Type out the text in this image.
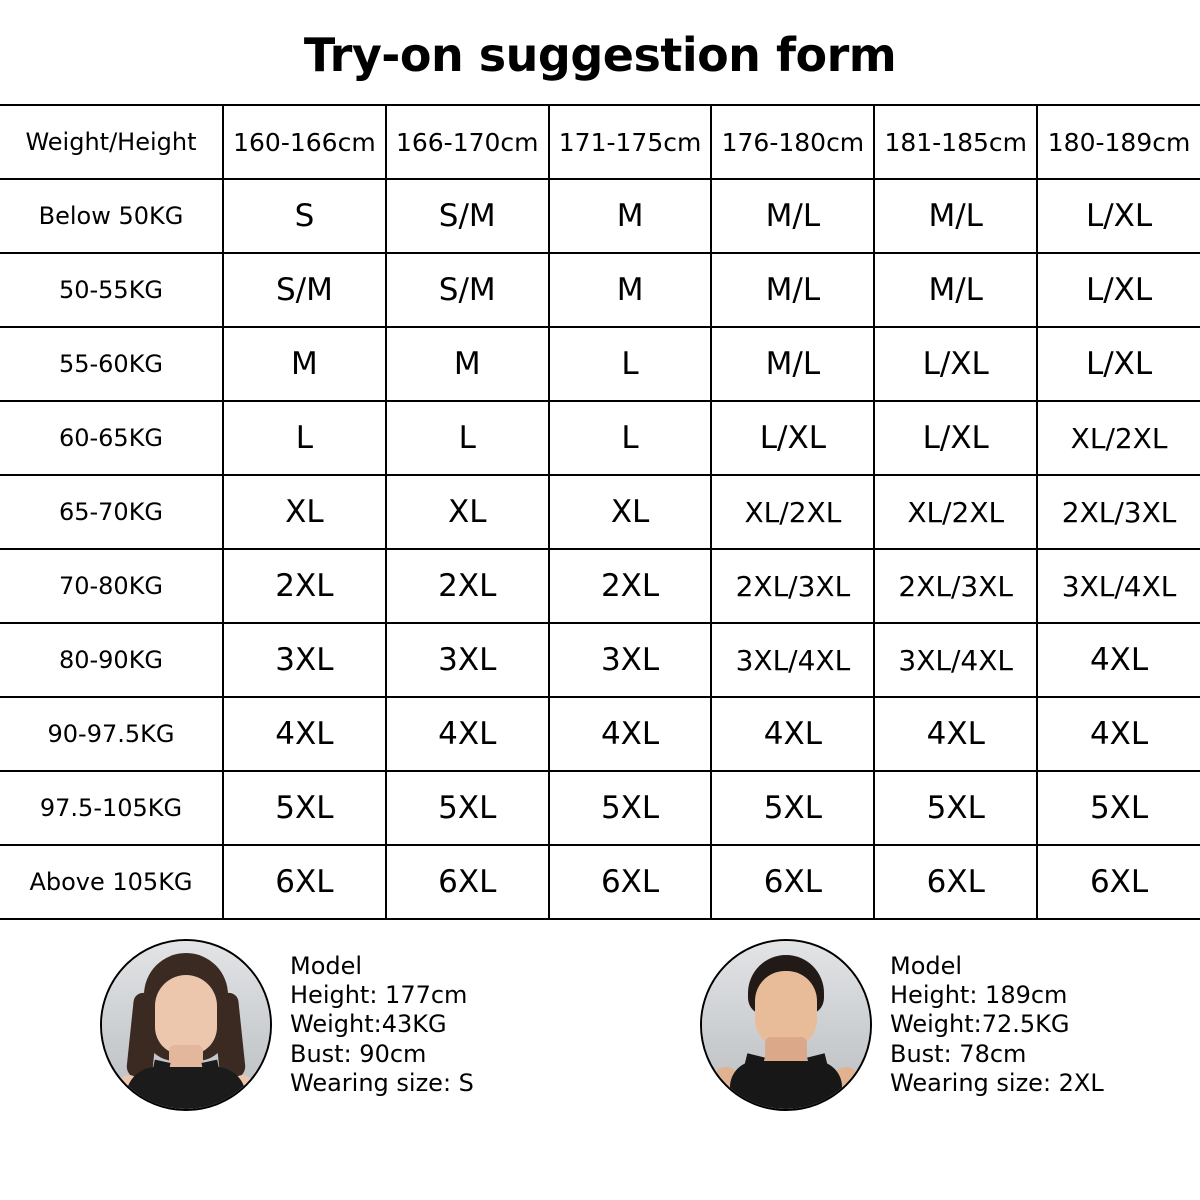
Try-on suggestion form
Weight/Height	160-166cm	166-170cm	171-175cm	176-180cm	181-185cm	180-189cm
Below 50KG	S	S/M	M	M/L	M/L	L/XL
50-55KG	S/M	S/M	M	M/L	M/L	L/XL
55-60KG	M	M	L	M/L	L/XL	L/XL
60-65KG	L	L	L	L/XL	L/XL	XL/2XL
65-70KG	XL	XL	XL	XL/2XL	XL/2XL	2XL/3XL
70-80KG	2XL	2XL	2XL	2XL/3XL	2XL/3XL	3XL/4XL
80-90KG	3XL	3XL	3XL	3XL/4XL	3XL/4XL	4XL
90-97.5KG	4XL	4XL	4XL	4XL	4XL	4XL
97.5-105KG	5XL	5XL	5XL	5XL	5XL	5XL
Above 105KG	6XL	6XL	6XL	6XL	6XL	6XL
Model
Height: 177cm
Weight:43KG
Bust: 90cm
Wearing size: S
Model
Height: 189cm
Weight:72.5KG
Bust: 78cm
Wearing size: 2XL
